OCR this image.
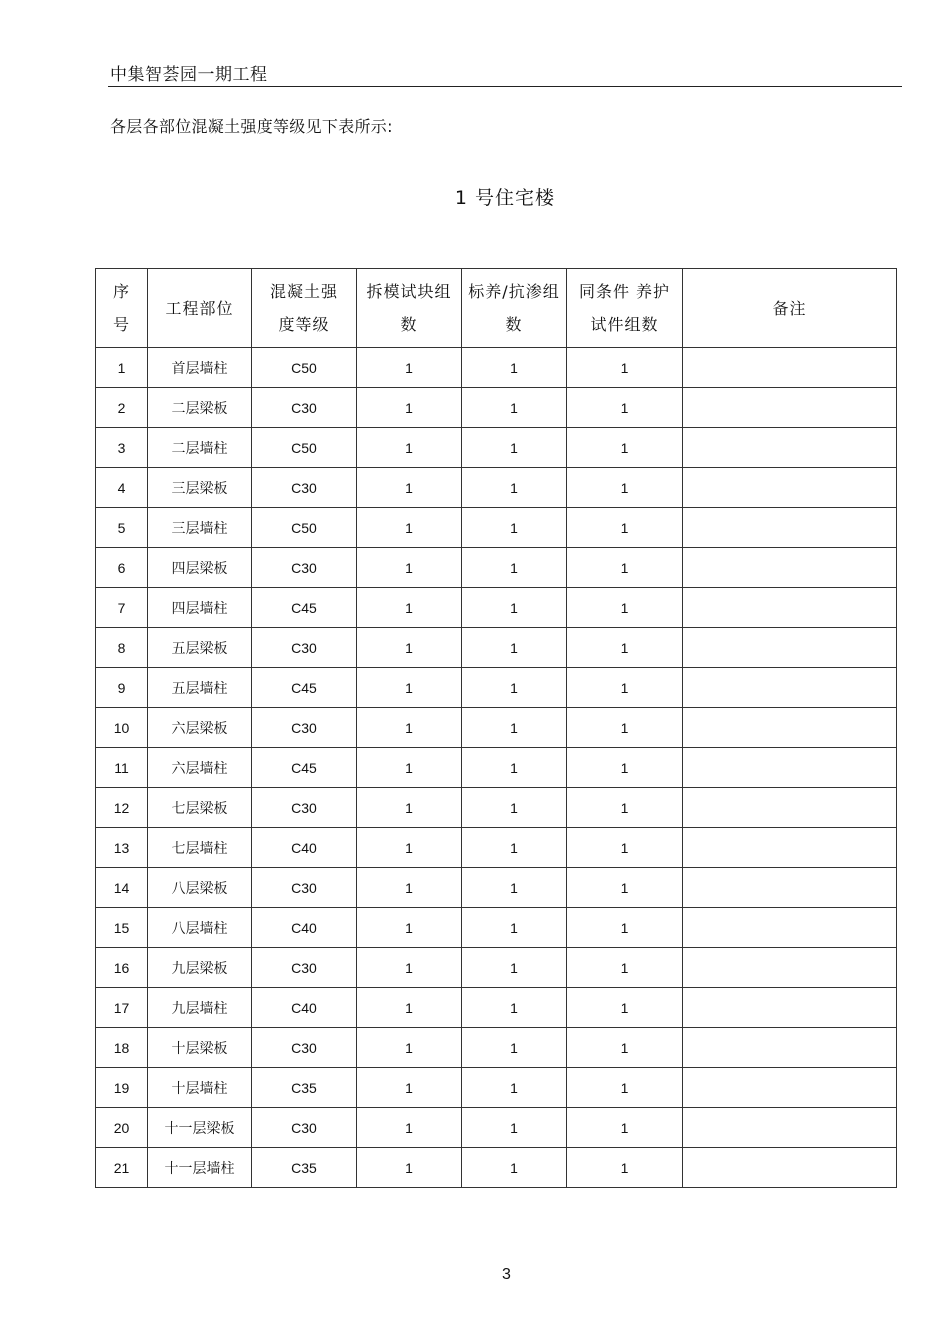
中集智荟园一期工程
各层各部位混凝土强度等级见下表所示:
1 号住宅楼
序号	工程部位	混凝土强度等级	拆模试块组数	标养/抗渗组数	同条件 养护试件组数	备注
1	首层墙柱	C50	1	1	1	
2	二层梁板	C30	1	1	1	
3	二层墙柱	C50	1	1	1	
4	三层梁板	C30	1	1	1	
5	三层墙柱	C50	1	1	1	
6	四层梁板	C30	1	1	1	
7	四层墙柱	C45	1	1	1	
8	五层梁板	C30	1	1	1	
9	五层墙柱	C45	1	1	1	
10	六层梁板	C30	1	1	1	
11	六层墙柱	C45	1	1	1	
12	七层梁板	C30	1	1	1	
13	七层墙柱	C40	1	1	1	
14	八层梁板	C30	1	1	1	
15	八层墙柱	C40	1	1	1	
16	九层梁板	C30	1	1	1	
17	九层墙柱	C40	1	1	1	
18	十层梁板	C30	1	1	1	
19	十层墙柱	C35	1	1	1	
20	十一层梁板	C30	1	1	1	
21	十一层墙柱	C35	1	1	1	
3
